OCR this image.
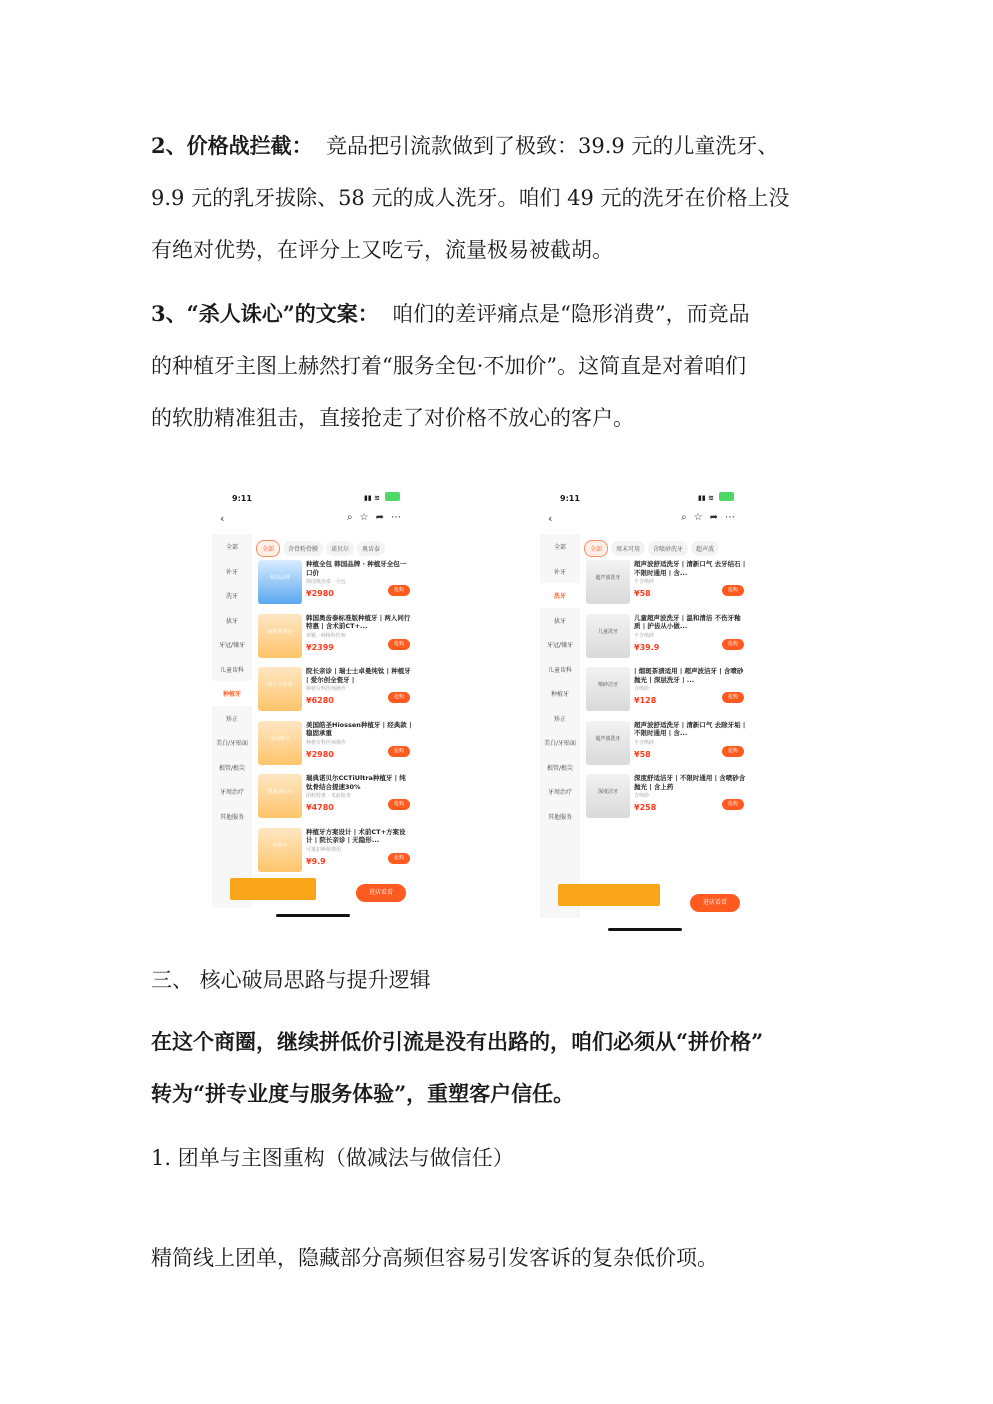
2、价格战拦截： 竞品把引流款做到了极致：39.9 元的儿童洗牙、
9.9 元的乳牙拔除、58 元的成人洗牙。咱们 49 元的洗牙在价格上没
有绝对优势，在评分上又吃亏，流量极易被截胡。
3、“杀人诛心”的文案： 咱们的差评痛点是“隐形消费”，而竞品
的种植牙主图上赫然打着“服务全包·不加价”。这简直是对着咱们
的软肋精准狙击，直接抢走了对价格不放心的客户。
9:11	▮▮ ≋
‹	⌕☆➦⋯
全部
补牙
洗牙
拔牙
牙冠/镶牙
儿童齿科
种植牙
矫正
美白/牙贴面
根管/根尖
牙周治疗
其他服务
全部 含骨粉骨膜 诺贝尔 奥齿泰
韩国品牌
种植全包 韩国品牌 · 种植牙全包一口价
韩国奥齿泰 · 全包
¥2980	抢购
韩国奥齿泰
韩国奥齿泰标准版种植牙 | 两人同行特惠 | 含术前CT+...
单颗 · 种植科医师
¥2399	抢购
瑞士士卓曼
院长亲诊 | 瑞士士卓曼纯钛 | 种植牙 | 爱尔创全瓷牙 |
种植专科医师操作
¥6280	抢购
美国皓圣
美国皓圣Hiossen种植牙 | 经典款 | 稳固承重
种植专科医师操作
¥2980	抢购
瑞典诺贝尔
瑞典诺贝尔CCTiUltra种植牙 | 纯钛骨结合提速30%
团购特惠 · 术前检查
¥4780	抢购
种植牙
种植牙方案设计 | 术前CT+方案设计 | 院长亲诊 | 无隐形...
可抵扣种植费用
¥9.9	抢购
进店看看
9:11	▮▮ ≋
‹	⌕☆➦⋯
全部
补牙
洗牙
拔牙
牙冠/镶牙
儿童齿科
种植牙
矫正
美白/牙贴面
根管/根尖
牙周治疗
其他服务
全部 周末可用 含喷砂洗牙 超声波
超声波洗牙
超声波舒适洗牙 | 清新口气 去牙结石 | 不限时通用 | 含...
不含喷砂
¥58	抢购
儿童洗牙
儿童超声波洗牙 | 温和清洁 不伤牙釉质 | 护齿从小做...
不含喷砂
¥39.9	抢购
喷砂洁牙
| 烟斑茶渍适用 | 超声波洁牙 | 含喷砂抛光 | 深层洗牙 | ...
含喷砂
¥128	抢购
超声波洗牙
超声波舒适洗牙 | 清新口气 去除牙垢 | 不限时通用 | 含...
不含喷砂
¥58	抢购
深度洁牙
深度舒适洁牙 | 不限时通用 | 含喷砂含抛光 | 含上药
含喷砂
¥258	抢购
进店看看
三、 核心破局思路与提升逻辑
在这个商圈，继续拼低价引流是没有出路的，咱们必须从“拼价格”
转为“拼专业度与服务体验”，重塑客户信任。
1. 团单与主图重构（做减法与做信任）
精简线上团单，隐藏部分高频但容易引发客诉的复杂低价项。
